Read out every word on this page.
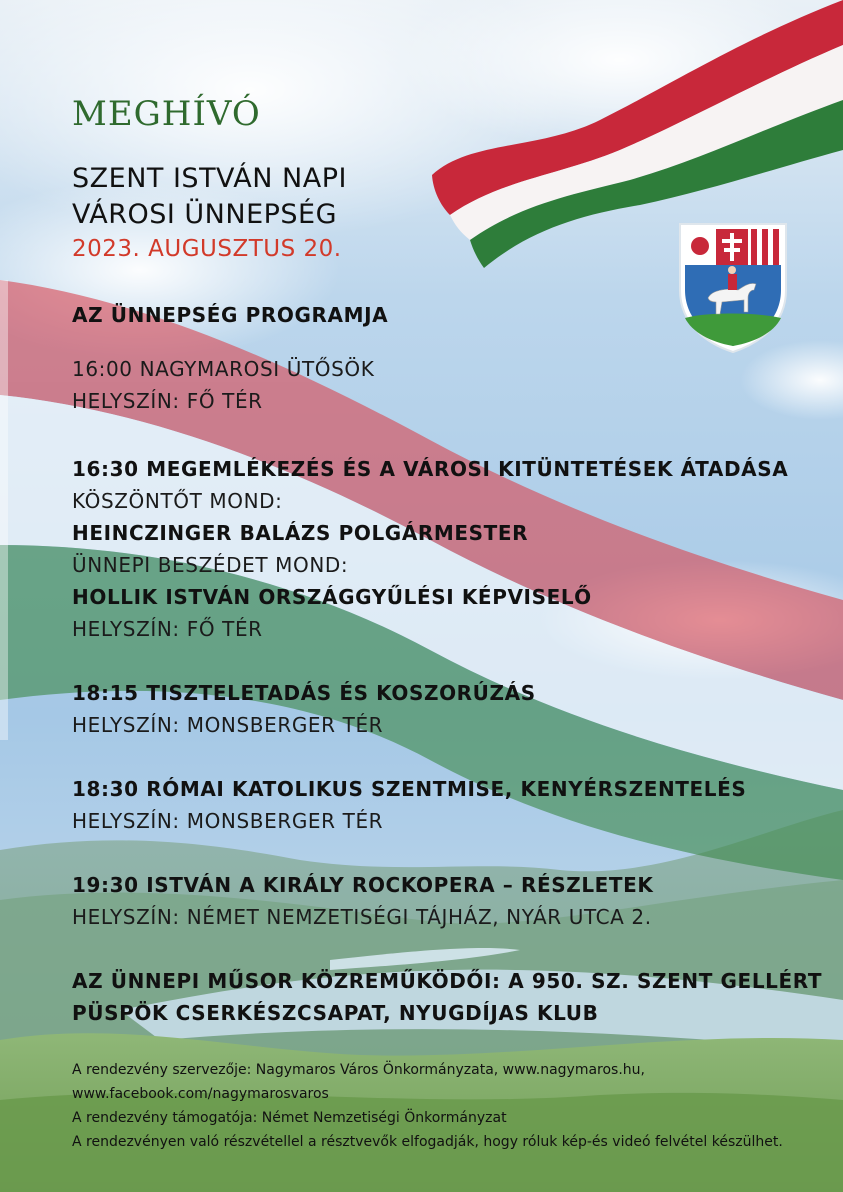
MEGHÍVÓ
SZENT ISTVÁN NAPI
VÁROSI ÜNNEPSÉG
2023. AUGUSZTUS 20.
AZ ÜNNEPSÉG PROGRAMJA
16:00 NAGYMAROSI ÜTŐSÖK
HELYSZÍN: FŐ TÉR
16:30 MEGEMLÉKEZÉS ÉS A VÁROSI KITÜNTETÉSEK ÁTADÁSA
KÖSZÖNTŐT MOND:
HEINCZINGER BALÁZS POLGÁRMESTER
ÜNNEPI BESZÉDET MOND:
HOLLIK ISTVÁN ORSZÁGGYŰLÉSI KÉPVISELŐ
HELYSZÍN: FŐ TÉR
18:15 TISZTELETADÁS ÉS KOSZORÚZÁS
HELYSZÍN: MONSBERGER TÉR
18:30 RÓMAI KATOLIKUS SZENTMISE, KENYÉRSZENTELÉS
HELYSZÍN: MONSBERGER TÉR
19:30 ISTVÁN A KIRÁLY ROCKOPERA – RÉSZLETEK
HELYSZÍN: NÉMET NEMZETISÉGI TÁJHÁZ, NYÁR UTCA 2.
AZ ÜNNEPI MŰSOR KÖZREMŰKÖDŐI: A 950. SZ. SZENT GELLÉRT
PÜSPÖK CSERKÉSZCSAPAT, NYUGDÍJAS KLUB
A rendezvény szervezője: Nagymaros Város Önkormányzata, www.nagymaros.hu,
www.facebook.com/nagymarosvaros
A rendezvény támogatója: Német Nemzetiségi Önkormányzat
A rendezvényen való részvétellel a résztvevők elfogadják, hogy róluk kép-és videó felvétel készülhet.
